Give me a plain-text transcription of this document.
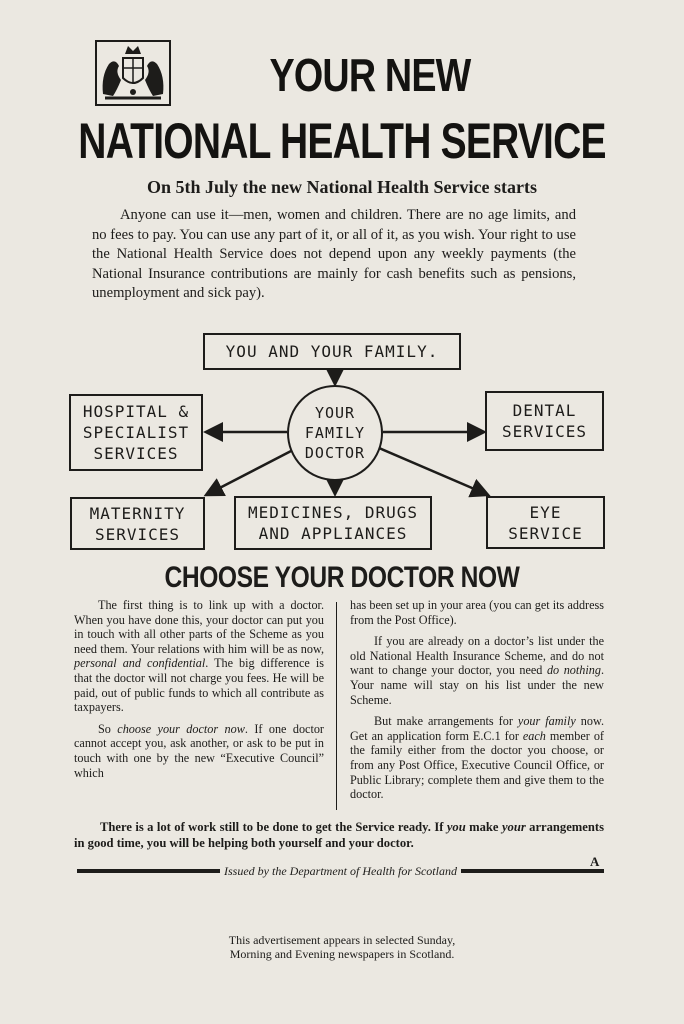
YOUR NEW
NATIONAL HEALTH SERVICE
On 5th July the new National Health Service starts
Anyone can use it—men, women and children. There are no age limits, and no fees to pay. You can use any part of it, or all of it, as you wish. Your right to use the National Health Service does not depend upon any weekly payments (the National Insurance contributions are mainly for cash benefits such as pensions, unemployment and sick pay).
YOU AND YOUR FAMILY.
YOUR
FAMILY
DOCTOR
HOSPITAL &
SPECIALIST
SERVICES
DENTAL
SERVICES
MATERNITY
SERVICES
MEDICINES, DRUGS
AND APPLIANCES
EYE
SERVICE
CHOOSE YOUR DOCTOR NOW

The first thing is to link up with a doctor. When you have done this, your doctor can put you in touch with all other parts of the Scheme as you need them. Your relations with him will be as now, personal and confidential. The big difference is that the doctor will not charge you fees. He will be paid, out of public funds to which all contribute as taxpayers.

So choose your doctor now. If one doctor cannot accept you, ask another, or ask to be put in touch with one by the new “Executive Council” which

has been set up in your area (you can get its address from the Post Office).

If you are already on a doctor’s list under the old National Health Insurance Scheme, and do not want to change your doctor, you need do nothing. Your name will stay on his list under the new Scheme.

But make arrangements for your family now. Get an application form E.C.1 for each member of the family either from the doctor you choose, or from any Post Office, Executive Council Office, or Public Library; complete them and give them to the doctor.

There is a lot of work still to be done to get the Service ready. If you make your arrangements in good time, you will be helping both yourself and your doctor.
A
Issued by the Department of Health for Scotland
This advertisement appears in selected Sunday,
Morning and Evening newspapers in Scotland.
